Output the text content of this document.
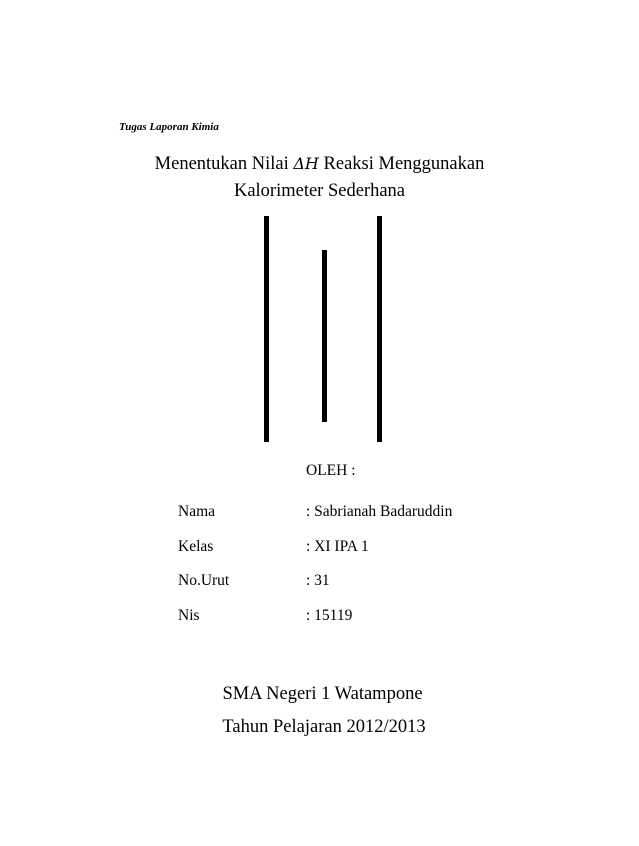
Tugas Laporan Kimia
Menentukan Nilai ΔH Reaksi Menggunakan
Kalorimeter Sederhana
OLEH :
Nama	: Sabrianah Badaruddin
Kelas	: XI IPA 1
No.Urut	: 31
Nis	: 15119
SMA Negeri 1 Watampone
Tahun Pelajaran 2012/2013
